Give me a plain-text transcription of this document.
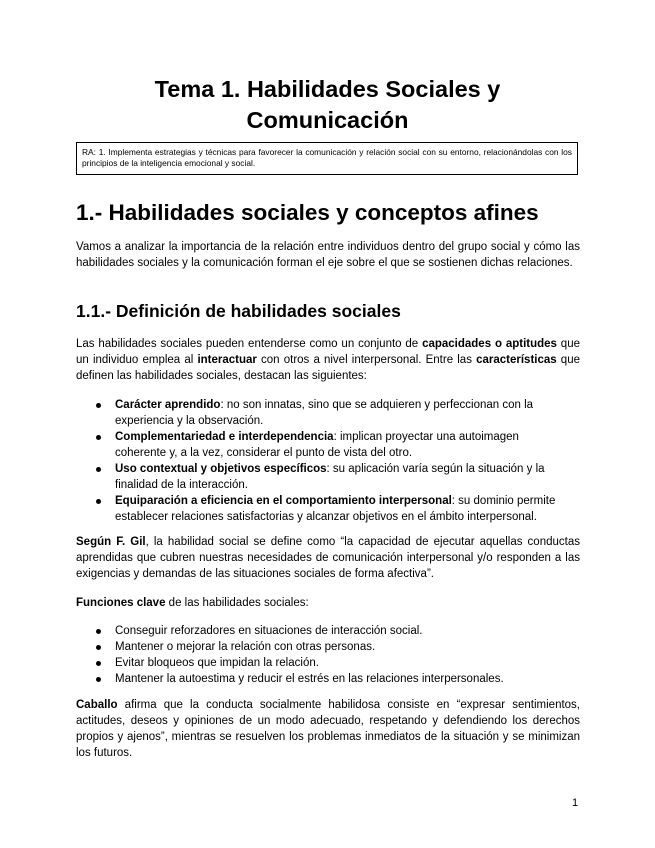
Tema 1. Habilidades Sociales y
Comunicación
RA: 1. Implementa estrategias y técnicas para favorecer la comunicación y relación social con su entorno, relacionándolas con los principios de la inteligencia emocional y social.
1.- Habilidades sociales y conceptos afines

Vamos a analizar la importancia de la relación entre individuos dentro del grupo social y cómo las habilidades sociales y la comunicación forman el eje sobre el que se sostienen dichas relaciones.

1.1.- Definición de habilidades sociales

Las habilidades sociales pueden entenderse como un conjunto de capacidades o aptitudes que un individuo emplea al interactuar con otros a nivel interpersonal. Entre las características que definen las habilidades sociales, destacan las siguientes:

Carácter aprendido: no son innatas, sino que se adquieren y perfeccionan con la experiencia y la observación.
Complementariedad e interdependencia: implican proyectar una autoimagen coherente y, a la vez, considerar el punto de vista del otro.
Uso contextual y objetivos específicos: su aplicación varía según la situación y la finalidad de la interacción.
Equiparación a eficiencia en el comportamiento interpersonal: su dominio permite establecer relaciones satisfactorias y alcanzar objetivos en el ámbito interpersonal.

Según F. Gil, la habilidad social se define como “la capacidad de ejecutar aquellas conductas aprendidas que cubren nuestras necesidades de comunicación interpersonal y/o responden a las exigencias y demandas de las situaciones sociales de forma afectiva”.

Funciones clave de las habilidades sociales:

Conseguir reforzadores en situaciones de interacción social.
Mantener o mejorar la relación con otras personas.
Evitar bloqueos que impidan la relación.
Mantener la autoestima y reducir el estrés en las relaciones interpersonales.

Caballo afirma que la conducta socialmente habilidosa consiste en “expresar sentimientos, actitudes, deseos y opiniones de un modo adecuado, respetando y defendiendo los derechos propios y ajenos”, mientras se resuelven los problemas inmediatos de la situación y se minimizan los futuros.

1
